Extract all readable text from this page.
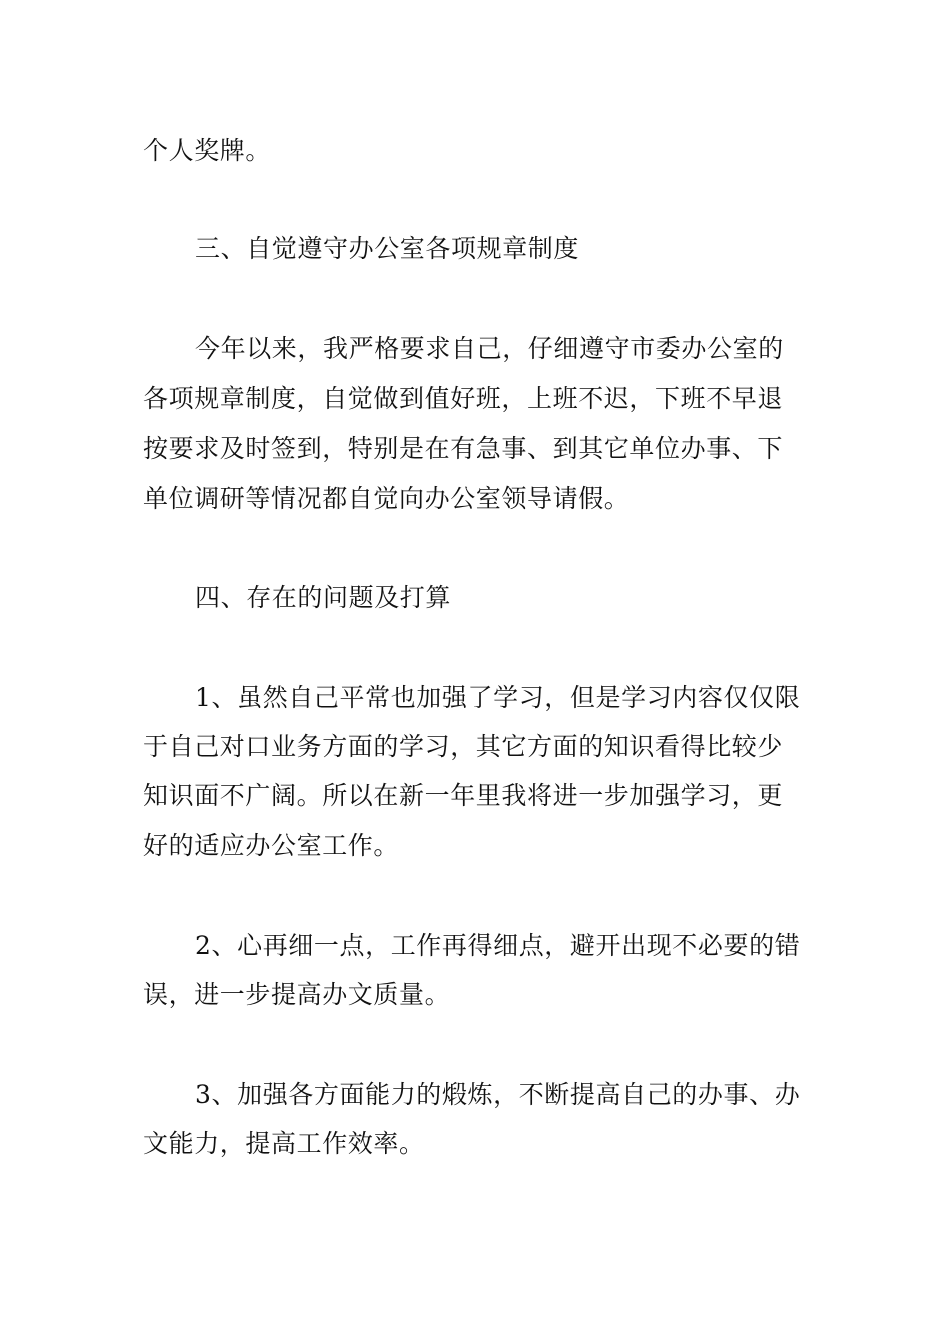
个人奖牌。
三、自觉遵守办公室各项规章制度
今年以来，我严格要求自己，仔细遵守市委办公室的
各项规章制度，自觉做到值好班，上班不迟，下班不早退
按要求及时签到，特别是在有急事、到其它单位办事、下
单位调研等情况都自觉向办公室领导请假。
四、存在的问题及打算
1、虽然自己平常也加强了学习，但是学习内容仅仅限
于自己对口业务方面的学习，其它方面的知识看得比较少
知识面不广阔。所以在新一年里我将进一步加强学习，更
好的适应办公室工作。
2、心再细一点，工作再得细点，避开出现不必要的错
误，进一步提高办文质量。
3、加强各方面能力的煅炼，不断提高自己的办事、办
文能力，提高工作效率。
